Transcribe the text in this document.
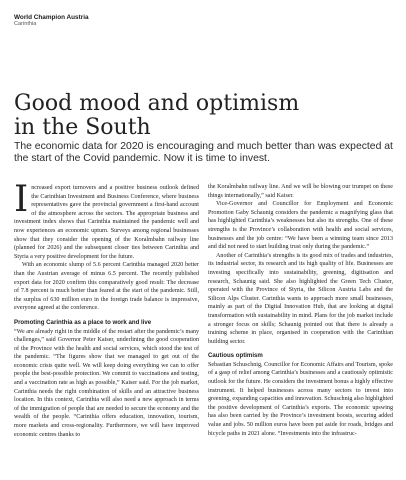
World Champion Austria
Carinthia
Good mood and optimism
in the South

The economic data for 2020 is encouraging and much better than was expected at the start of the Covid pandemic. Now it is time to invest.

Increased export turnovers and a positive business outlook defined the Carinthian Investment and Business Conference, where business representatives gave the provincial government a first-hand account of the atmosphere across the sectors. The appropriate business and investment index shows that Carinthia maintained the pandemic well and now experiences an economic upturn. Surveys among regional businesses show that they consider the opening of the Koralmbahn railway line (planned for 2026) and the subsequent closer ties between Carinthia and Styria a very positive development for the future.

With an economic slump of 5.6 percent Carinthia managed 2020 better than the Austrian average of minus 6.5 percent. The recently published export data for 2020 confirm this comparatively good result: The decrease of 7.8 percent is much better than feared at the start of the pandemic. Still, the surplus of 630 million euro in the foreign trade balance is impressive, everyone agreed at the conference.

Promoting Carinthia as a place to work and live

“We are already right in the middle of the restart after the pandemic’s many challenges,” said Governor Peter Kaiser, underlining the good cooperation of the Province with the health and social services, which stood the test of the pandemic. “The figures show that we managed to get out of the economic crisis quite well. We will keep doing everything we can to offer people the best-possible protection. We commit to vaccinations and testing, and a vaccination rate as high as possible,” Kaiser said. For the job market, Carinthia needs the right combination of skills and an attractive business location. In this context, Carinthia will also need a new approach in terms of the immigration of people that are needed to secure the economy and the wealth of the people. “Carinthia offers education, innovation, tourism, more markets and cross-regionality. Furthermore, we will have improved economic centres thanks to

the Koralmbahn railway line. And we will be blowing our trumpet on these things internationally,” said Kaiser.

Vice-Governor and Councillor for Employment and Economic Promotion Gaby Schaunig considers the pandemic a magnifying glass that has highlighted Carinthia’s weaknesses but also its strengths. One of these strengths is the Province’s collaboration with health and social services, businesses and the job centre: “We have been a winning team since 2013 and did not need to start building trust only during the pandemic.”

Another of Carinthia’s strengths is its good mix of trades and industries, its industrial sector, its research and its high quality of life. Businesses are investing specifically into sustainability, greening, digitisation and research, Schaunig said. She also highlighted the Green Tech Cluster, operated with the Province of Styria, the Silicon Austria Labs and the Silicon Alps Cluster. Carinthia wants to approach more small businesses, mainly as part of the Digital Innovation Hub, that are looking at digital transformation with sustainability in mind. Plans for the job market include a stronger focus on skills; Schaunig pointed out that there is already a training scheme in place, organised in cooperation with the Carinthian building sector.

Cautious optimism

Sebastian Schuschnig, Councillor for Economic Affairs and Tourism, spoke of a gasp of relief among Carinthia’s businesses and a cautiously optimistic outlook for the future. He considers the investment bonus a highly effective instrument. It helped businesses across many sectors to invest into greening, expanding capacities and innovation. Schuschnig also highlighted the positive development of Carinthia’s exports. The economic upswing has also been carried by the Province’s investment boosts, securing added value and jobs. 50 million euros have been put aside for roads, bridges and bicycle paths in 2021 alone. “Investments into the infrastruc-
